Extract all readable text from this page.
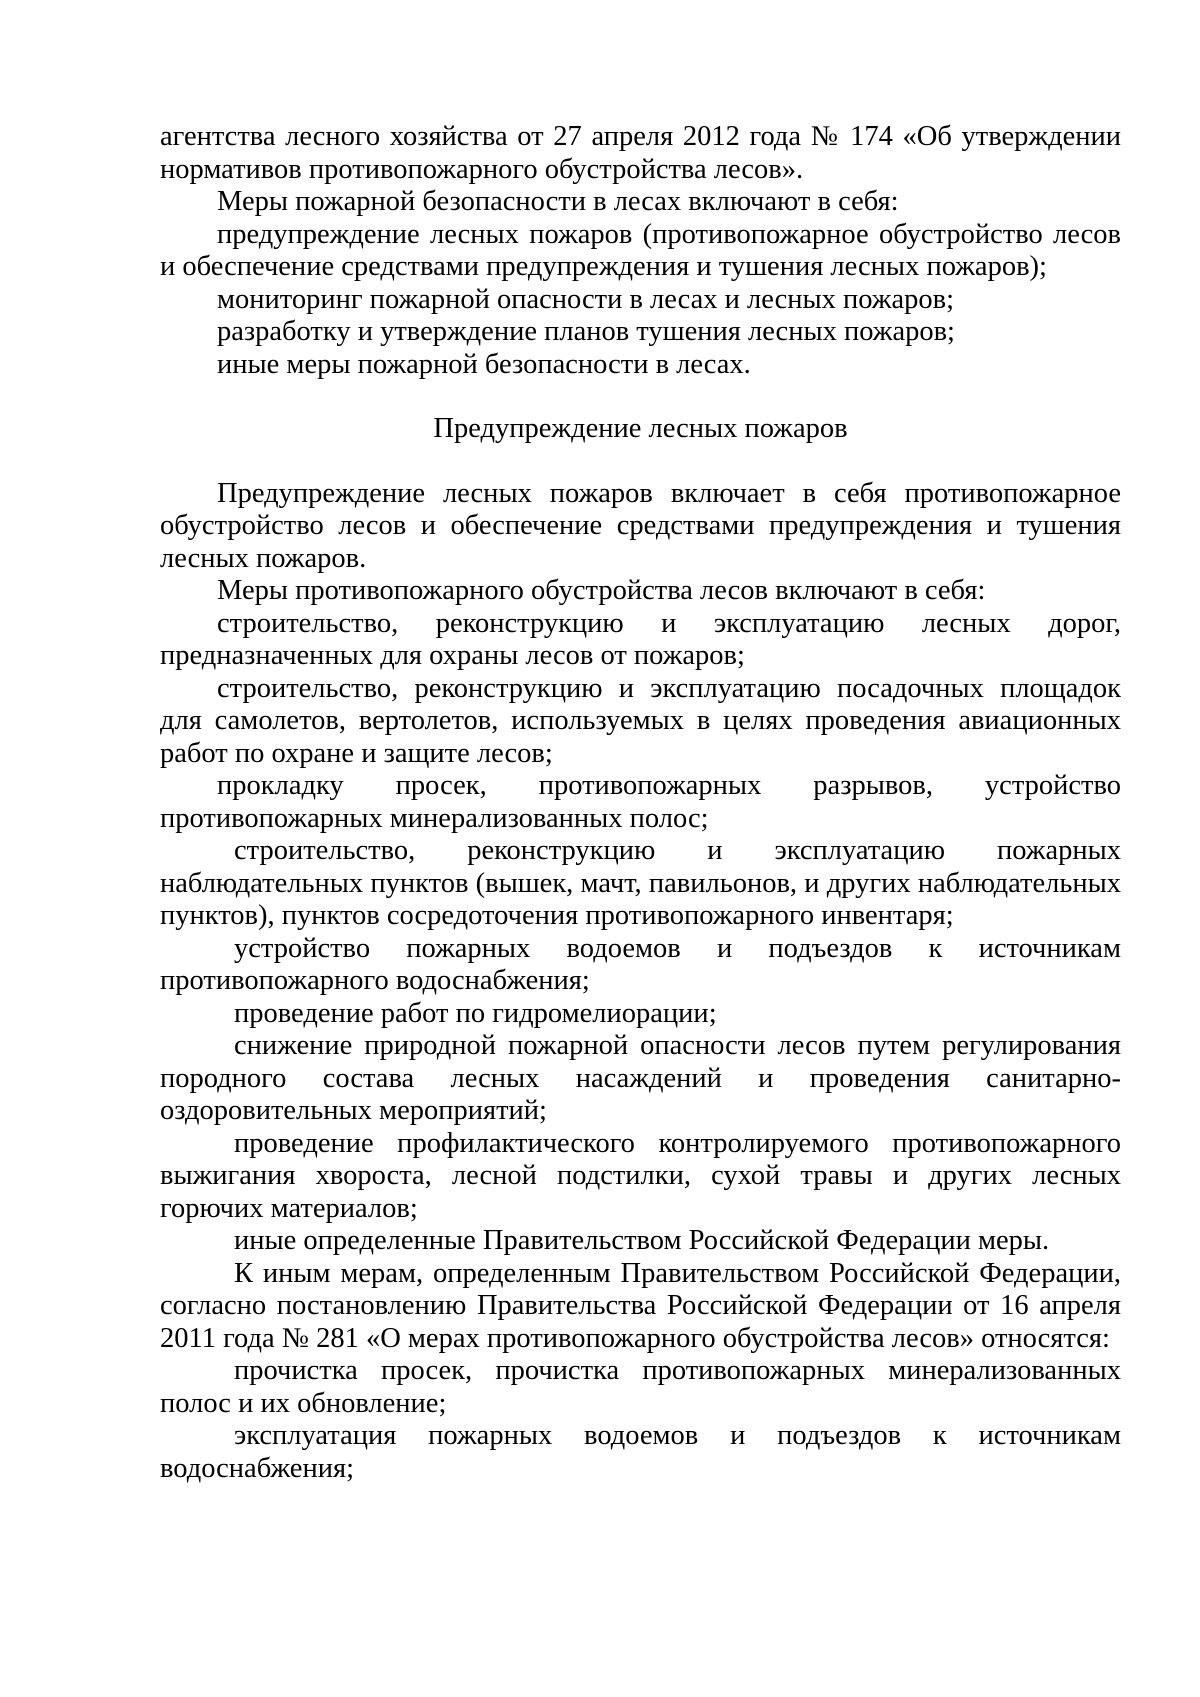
агентства лесного хозяйства от 27 апреля 2012 года № 174 «Об утверждении нормативов противопожарного обустройства лесов».

Меры пожарной безопасности в лесах включают в себя:

предупреждение лесных пожаров (противопожарное обустройство лесов и обеспечение средствами предупреждения и тушения лесных пожаров);

мониторинг пожарной опасности в лесах и лесных пожаров;

разработку и утверждение планов тушения лесных пожаров;

иные меры пожарной безопасности в лесах.

Предупреждение лесных пожаров

Предупреждение лесных пожаров включает в себя противопожарное обустройство лесов и обеспечение средствами предупреждения и тушения лесных пожаров.

Меры противопожарного обустройства лесов включают в себя:

строительство, реконструкцию и эксплуатацию лесных дорог, предназначенных для охраны лесов от пожаров;

строительство, реконструкцию и эксплуатацию посадочных площадок для самолетов, вертолетов, используемых в целях проведения авиационных работ по охране и защите лесов;

прокладку просек, противопожарных разрывов, устройство противопожарных минерализованных полос;

строительство, реконструкцию и эксплуатацию пожарных наблюдательных пунктов (вышек, мачт, павильонов, и других наблюдательных пунктов), пунктов сосредоточения противопожарного инвентаря;

устройство пожарных водоемов и подъездов к источникам противопожарного водоснабжения;

проведение работ по гидромелиорации;

снижение природной пожарной опасности лесов путем регулирования породного состава лесных насаждений и проведения санитарно-оздоровительных мероприятий;

проведение профилактического контролируемого противопожарного выжигания хвороста, лесной подстилки, сухой травы и других лесных горючих материалов;

иные определенные Правительством Российской Федерации меры.

К иным мерам, определенным Правительством Российской Федерации, согласно постановлению Правительства Российской Федерации от 16 апреля 2011 года № 281 «О мерах противопожарного обустройства лесов» относятся:

прочистка просек, прочистка противопожарных минерализованных полос и их обновление;

эксплуатация пожарных водоемов и подъездов к источникам водоснабжения;
